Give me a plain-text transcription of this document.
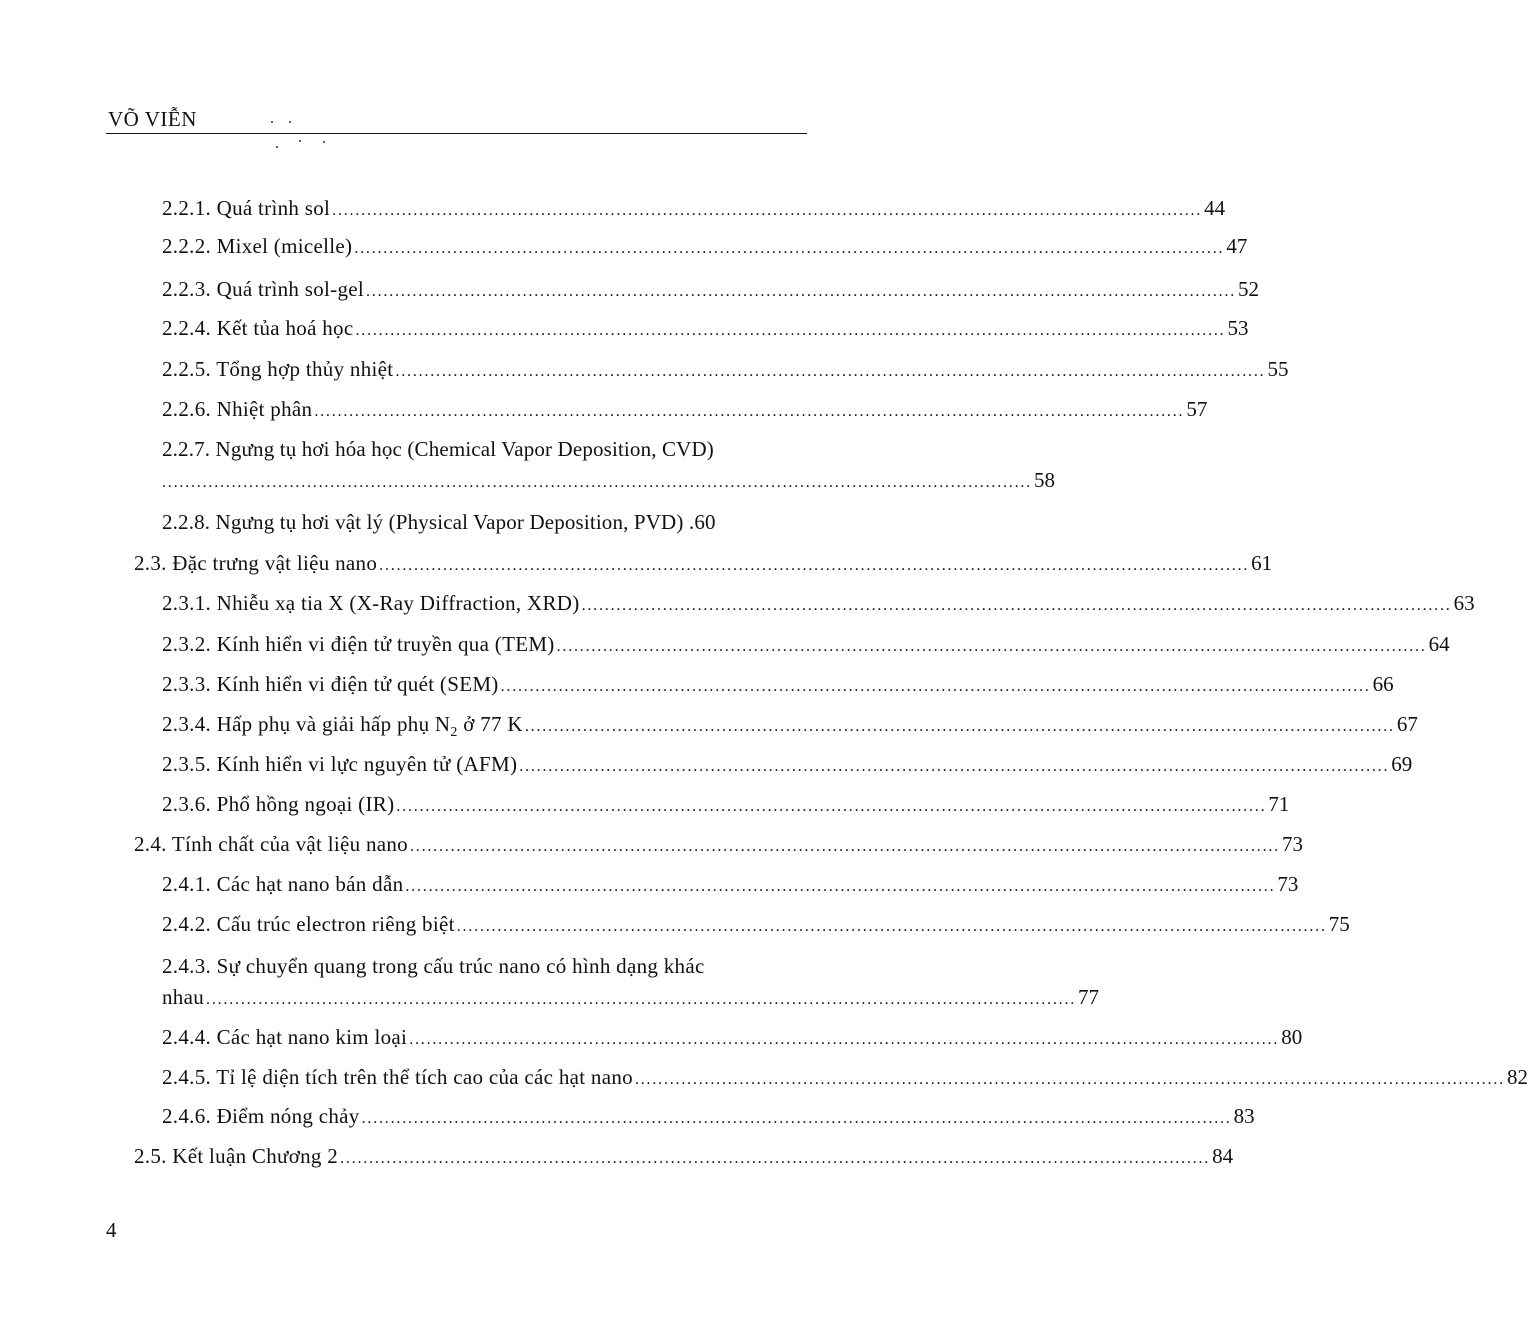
VÕ VIỄN
2.2.1. Quá trình sol ...................................................................................................................................................... 44
2.2.2. Mixel (micelle) ...................................................................................................................................................... 47
2.2.3. Quá trình sol-gel ...................................................................................................................................................... 52
2.2.4. Kết tủa hoá học ...................................................................................................................................................... 53
2.2.5. Tổng hợp thủy nhiệt ...................................................................................................................................................... 55
2.2.6. Nhiệt phân ...................................................................................................................................................... 57
2.2.7. Ngưng tụ hơi hóa học (Chemical Vapor Deposition, CVD)
...................................................................................................................................................... 58
2.2.8. Ngưng tụ hơi vật lý (Physical Vapor Deposition, PVD) .60
2.3. Đặc trưng vật liệu nano ...................................................................................................................................................... 61
2.3.1. Nhiễu xạ tia X (X-Ray Diffraction, XRD) ...................................................................................................................................................... 63
2.3.2. Kính hiển vi điện tử truyền qua (TEM) ...................................................................................................................................................... 64
2.3.3. Kính hiển vi điện tử quét (SEM) ...................................................................................................................................................... 66
2.3.4. Hấp phụ và giải hấp phụ $N_2$ ở 77 K ...................................................................................................................................................... 67
2.3.5. Kính hiển vi lực nguyên tử (AFM) ...................................................................................................................................................... 69
2.3.6. Phổ hồng ngoại (IR) ...................................................................................................................................................... 71
2.4. Tính chất của vật liệu nano ...................................................................................................................................................... 73
2.4.1. Các hạt nano bán dẫn ...................................................................................................................................................... 73
2.4.2. Cấu trúc electron riêng biệt ...................................................................................................................................................... 75
2.4.3. Sự chuyển quang trong cấu trúc nano có hình dạng khác
nhau ...................................................................................................................................................... 77
2.4.4. Các hạt nano kim loại ...................................................................................................................................................... 80
2.4.5. Tỉ lệ diện tích trên thể tích cao của các hạt nano ...................................................................................................................................................... 82
2.4.6. Điểm nóng chảy ...................................................................................................................................................... 83
2.5. Kết luận Chương 2 ...................................................................................................................................................... 84
4
